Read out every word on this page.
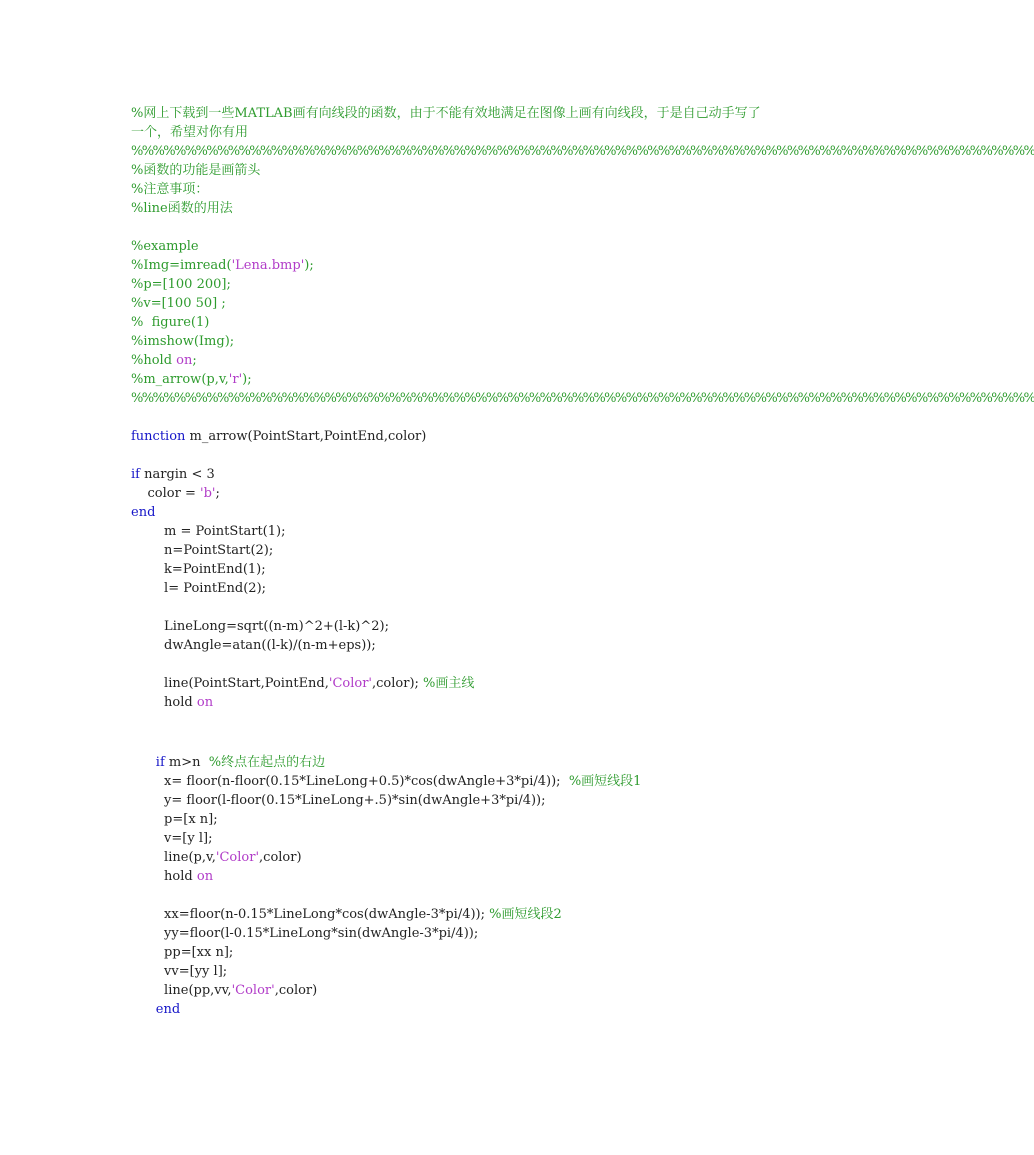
%网上下载到一些MATLAB画有向线段的函数，由于不能有效地满足在图像上画有向线段，于是自己动手写了一个，希望对你有用
%%%%%%%%%%%%%%%%%%%%%%%%%%%%%%%%%%%%%%%%%%%%%%%%%%%%%%%%%%%%%%%%%%%%%%%%%%%%%%%%%%%%
%函数的功能是画箭头
%注意事项：
%line函数的用法
%example
%Img=imread('Lena.bmp');
%p=[100 200];
%v=[100 50] ;
%  figure(1)
%imshow(Img);
%hold on;
%m_arrow(p,v,'r');
%%%%%%%%%%%%%%%%%%%%%%%%%%%%%%%%%%%%%%%%%%%%%%%%%%%%%%%%%%%%%%%%%%%%%%%%%%%%%%%%%%%%
function m_arrow(PointStart,PointEnd,color)
if nargin < 3
color = 'b';
end
m = PointStart(1);
n=PointStart(2);
k=PointEnd(1);
l= PointEnd(2);
LineLong=sqrt((n-m)^2+(l-k)^2);
dwAngle=atan((l-k)/(n-m+eps));
line(PointStart,PointEnd,'Color',color); %画主线
hold on
if m>n  %终点在起点的右边
x= floor(n-floor(0.15*LineLong+0.5)*cos(dwAngle+3*pi/4));  %画短线段1
y= floor(l-floor(0.15*LineLong+.5)*sin(dwAngle+3*pi/4));
p=[x n];
v=[y l];
line(p,v,'Color',color)
hold on
xx=floor(n-0.15*LineLong*cos(dwAngle-3*pi/4)); %画短线段2
yy=floor(l-0.15*LineLong*sin(dwAngle-3*pi/4));
pp=[xx n];
vv=[yy l];
line(pp,vv,'Color',color)
end
